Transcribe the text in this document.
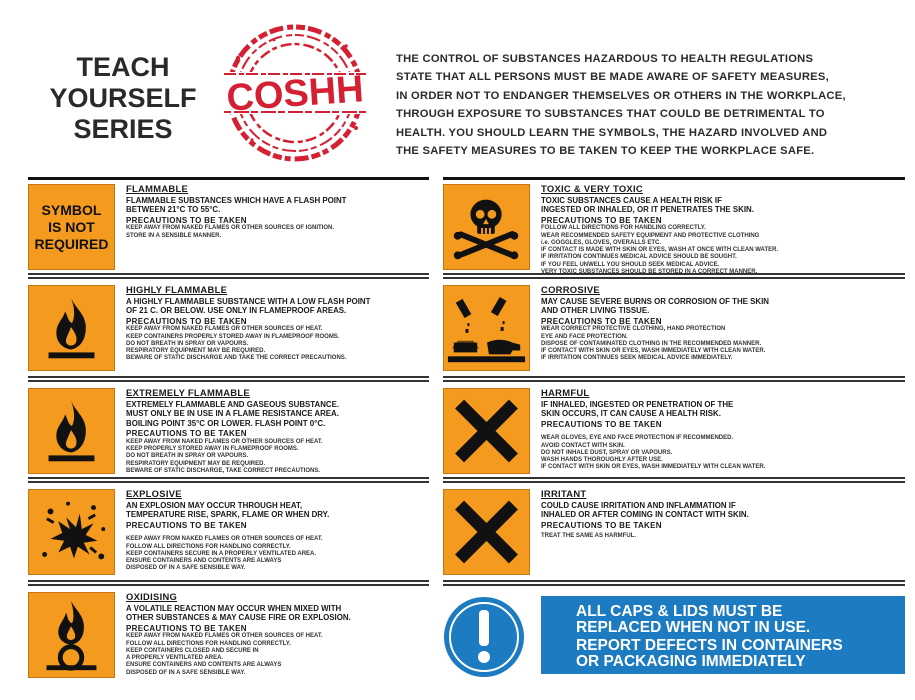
TEACH
YOURSELF
SERIES
COSHH
THE CONTROL OF SUBSTANCES HAZARDOUS TO HEALTH REGULATIONS
STATE THAT ALL PERSONS MUST BE MADE AWARE OF SAFETY MEASURES,
IN ORDER NOT TO ENDANGER THEMSELVES OR OTHERS IN THE WORKPLACE,
THROUGH EXPOSURE TO SUBSTANCES THAT COULD BE DETRIMENTAL TO
HEALTH. YOU SHOULD LEARN THE SYMBOLS, THE HAZARD INVOLVED AND
THE SAFETY MEASURES TO BE TAKEN TO KEEP THE WORKPLACE SAFE.
SYMBOL
IS NOT
REQUIRED
FLAMMABLE
FLAMMABLE SUBSTANCES WHICH HAVE A FLASH POINT
BETWEEN 21°C TO 55°C.
PRECAUTIONS TO BE TAKEN
KEEP AWAY FROM NAKED FLAMES OR OTHER SOURCES OF IGNITION.
STORE IN A SENSIBLE MANNER.
HIGHLY FLAMMABLE
A HIGHLY FLAMMABLE SUBSTANCE WITH A LOW FLASH POINT
OF 21 C. OR BELOW. USE ONLY IN FLAMEPROOF AREAS.
PRECAUTIONS TO BE TAKEN
KEEP AWAY FROM NAKED FLAMES OR OTHER SOURCES OF HEAT.
KEEP CONTAINERS PROPERLY STORED AWAY IN FLAMEPROOF ROOMS.
DO NOT BREATH IN SPRAY OR VAPOURS.
RESPIRATORY EQUIPMENT MAY BE REQUIRED.
BEWARE OF STATIC DISCHARGE AND TAKE THE CORRECT PRECAUTIONS.
EXTREMELY FLAMMABLE
EXTREMELY FLAMMABLE AND GASEOUS SUBSTANCE.
MUST ONLY BE IN USE IN A FLAME RESISTANCE AREA.
BOILING POINT 35°C OR LOWER. FLASH POINT 0°C.
PRECAUTIONS TO BE TAKEN
KEEP AWAY FROM NAKED FLAMES OR OTHER SOURCES OF HEAT.
KEEP PROPERLY STORED AWAY IN FLAMEPROOF ROOMS.
DO NOT BREATH IN SPRAY OR VAPOURS.
RESPIRATORY EQUIPMENT MAY BE REQUIRED.
BEWARE OF STATIC DISCHARGE, TAKE CORRECT PRECAUTIONS.
EXPLOSIVE
AN EXPLOSION MAY OCCUR THROUGH HEAT,
TEMPERATURE RISE, SPARK, FLAME OR WHEN DRY.
PRECAUTIONS TO BE TAKEN
KEEP AWAY FROM NAKED FLAMES OR OTHER SOURCES OF HEAT.
FOLLOW ALL DIRECTIONS FOR HANDLING CORRECTLY.
KEEP CONTAINERS SECURE IN A PROPERLY VENTILATED AREA.
ENSURE CONTAINERS AND CONTENTS ARE ALWAYS
DISPOSED OF IN A SAFE SENSIBLE WAY.
OXIDISING
A VOLATILE REACTION MAY OCCUR WHEN MIXED WITH
OTHER SUBSTANCES & MAY CAUSE FIRE OR EXPLOSION.
PRECAUTIONS TO BE TAKEN
KEEP AWAY FROM NAKED FLAMES OR OTHER SOURCES OF HEAT.
FOLLOW ALL DIRECTIONS FOR HANDLING CORRECTLY.
KEEP CONTAINERS CLOSED AND SECURE IN
A PROPERLY VENTILATED AREA.
ENSURE CONTAINERS AND CONTENTS ARE ALWAYS
DISPOSED OF IN A SAFE SENSIBLE WAY.
TOXIC & VERY TOXIC
TOXIC SUBSTANCES CAUSE A HEALTH RISK IF
INGESTED OR INHALED, OR IT PENETRATES THE SKIN.
PRECAUTIONS TO BE TAKEN
FOLLOW ALL DIRECTIONS FOR HANDLING CORRECTLY.
WEAR RECOMMENDED SAFETY EQUIPMENT AND PROTECTIVE CLOTHING
i.e. GOGGLES, GLOVES, OVERALLS ETC.
IF CONTACT IS MADE WITH SKIN OR EYES, WASH AT ONCE WITH CLEAN WATER.
IF IRRITATION CONTINUES MEDICAL ADVICE SHOULD BE SOUGHT.
IF YOU FEEL UNWELL YOU SHOULD SEEK MEDICAL ADVICE.
VERY TOXIC SUBSTANCES SHOULD BE STORED IN A CORRECT MANNER.
CORROSIVE
MAY CAUSE SEVERE BURNS OR CORROSION OF THE SKIN
AND OTHER LIVING TISSUE.
PRECAUTIONS TO BE TAKEN
WEAR CORRECT PROTECTIVE CLOTHING, HAND PROTECTION
EYE AND FACE PROTECTION.
DISPOSE OF CONTAMINATED CLOTHING IN THE RECOMMENDED MANNER.
IF CONTACT WITH SKIN OR EYES, WASH IMMEDIATELY WITH CLEAN WATER.
IF IRRITATION CONTINUES SEEK MEDICAL ADVICE IMMEDIATELY.
HARMFUL
IF INHALED, INGESTED OR PENETRATION OF THE
SKIN OCCURS, IT CAN CAUSE A HEALTH RISK.
PRECAUTIONS TO BE TAKEN
WEAR GLOVES, EYE AND FACE PROTECTION IF RECOMMENDED.
AVOID CONTACT WITH SKIN.
DO NOT INHALE DUST, SPRAY OR VAPOURS.
WASH HANDS THOROUGHLY AFTER USE.
IF CONTACT WITH SKIN OR EYES, WASH IMMEDIATELY WITH CLEAN WATER.
IRRITANT
COULD CAUSE IRRITATION AND INFLAMMATION IF
INHALED OR AFTER COMING IN CONTACT WITH SKIN.
PRECAUTIONS TO BE TAKEN
TREAT THE SAME AS HARMFUL.
ALL CAPS & LIDS MUST BE
REPLACED WHEN NOT IN USE.
REPORT DEFECTS IN CONTAINERS
OR PACKAGING IMMEDIATELY
